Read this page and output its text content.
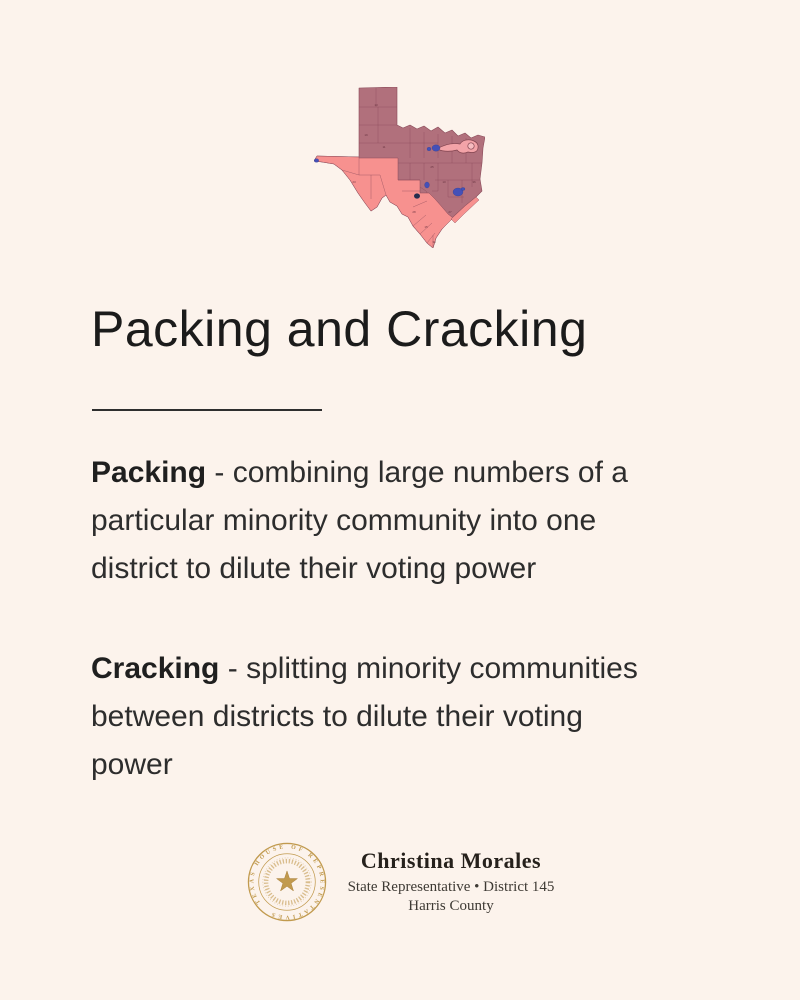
13
19
11
23
25
10	36
27
15
28
34
Packing and Cracking

Packing - combining large numbers of a
particular minority community into one
district to dilute their voting power

Cracking - splitting minority communities
between districts to dilute their voting
power

TEXAS HOUSE OF REPRESENTATIVES
Christina Morales
State Representative • District 145
Harris County
